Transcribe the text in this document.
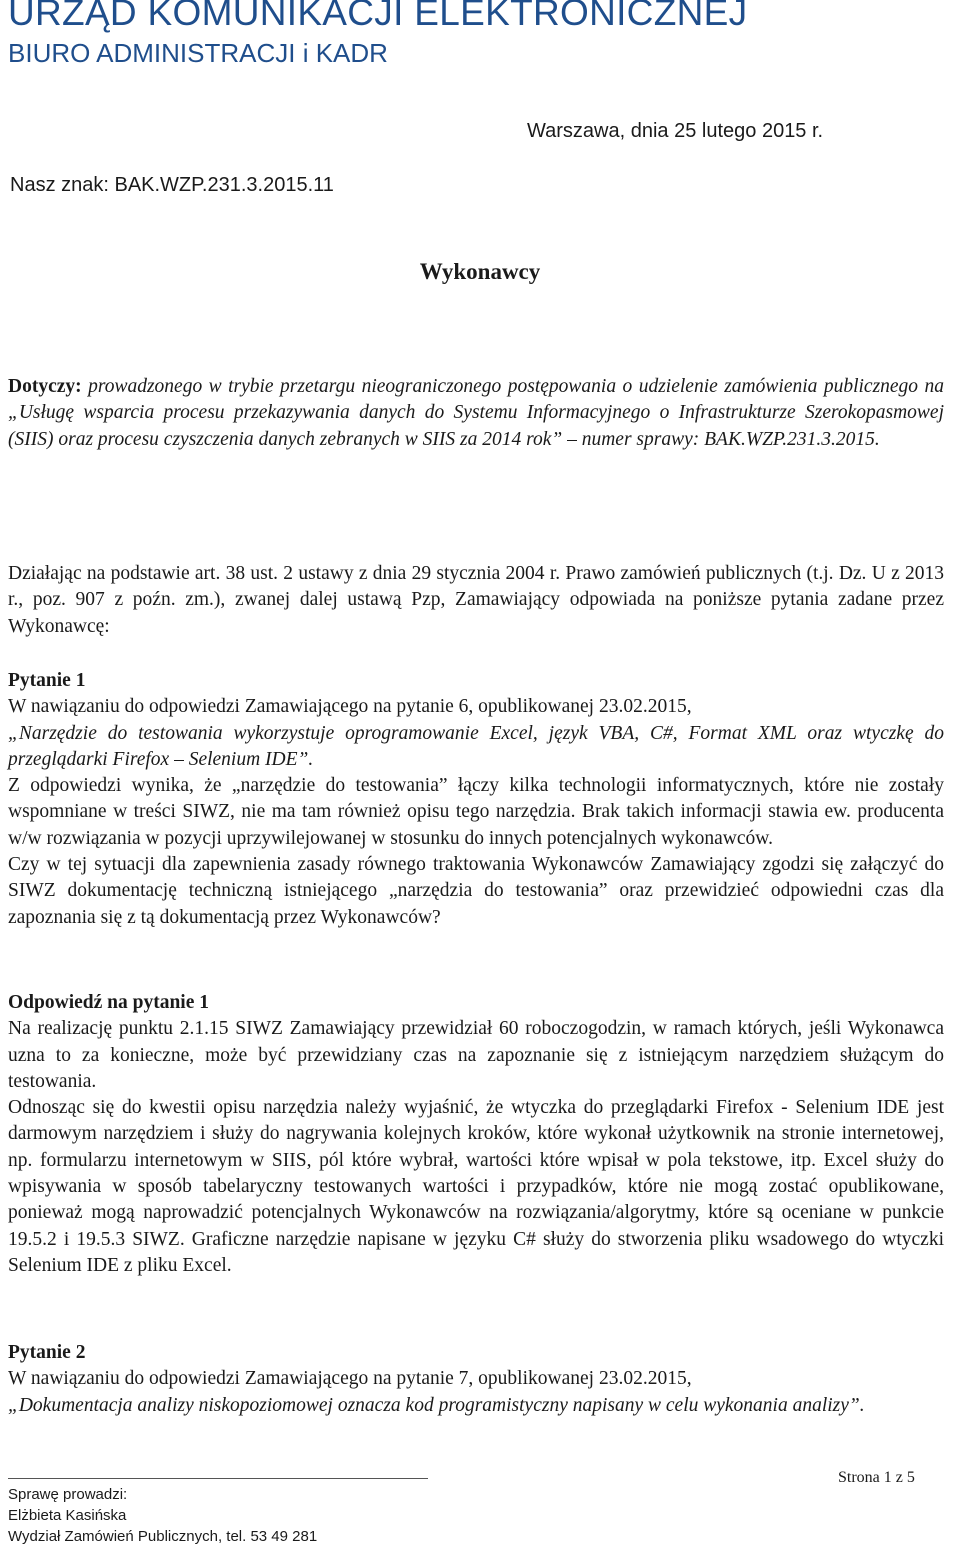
URZĄD KOMUNIKACJI ELEKTRONICZNEJ
BIURO ADMINISTRACJI i KADR
Warszawa, dnia 25 lutego 2015 r.
Nasz znak: BAK.WZP.231.3.2015.11
Wykonawcy
Dotyczy: prowadzonego w trybie przetargu nieograniczonego postępowania o udzielenie zamówienia publicznego na „Usługę wsparcia procesu przekazywania danych do Systemu Informacyjnego o Infrastrukturze Szerokopasmowej (SIIS) oraz procesu czyszczenia danych zebranych w SIIS za 2014 rok” – numer sprawy: BAK.WZP.231.3.2015.
Działając na podstawie art. 38 ust. 2 ustawy z dnia 29 stycznia 2004 r. Prawo zamówień publicznych (t.j. Dz. U z 2013 r., poz. 907 z poźn. zm.), zwanej dalej ustawą Pzp, Zamawiający odpowiada na poniższe pytania zadane przez Wykonawcę:
Pytanie 1
W nawiązaniu do odpowiedzi Zamawiającego na pytanie 6, opublikowanej 23.02.2015,
„Narzędzie do testowania wykorzystuje oprogramowanie Excel, język VBA, C#, Format XML oraz wtyczkę do przeglądarki Firefox – Selenium IDE”.
Z odpowiedzi wynika, że „narzędzie do testowania” łączy kilka technologii informatycznych, które nie zostały wspomniane w treści SIWZ, nie ma tam również opisu tego narzędzia. Brak takich informacji stawia ew. producenta w/w rozwiązania w pozycji uprzywilejowanej w stosunku do innych potencjalnych wykonawców.
Czy w tej sytuacji dla zapewnienia zasady równego traktowania Wykonawców Zamawiający zgodzi się załączyć do SIWZ dokumentację techniczną istniejącego „narzędzia do testowania” oraz przewidzieć odpowiedni czas dla zapoznania się z tą dokumentacją przez Wykonawców?
Odpowiedź na pytanie 1
Na realizację punktu 2.1.15 SIWZ Zamawiający przewidział 60 roboczogodzin, w ramach których, jeśli Wykonawca uzna to za konieczne, może być przewidziany czas na zapoznanie się z istniejącym narzędziem służącym do testowania.
Odnosząc się do kwestii opisu narzędzia należy wyjaśnić, że wtyczka do przeglądarki Firefox - Selenium IDE jest darmowym narzędziem i służy do nagrywania kolejnych kroków, które wykonał użytkownik na stronie internetowej, np. formularzu internetowym w SIIS, pól które wybrał, wartości które wpisał w pola tekstowe, itp. Excel służy do wpisywania w sposób tabelaryczny testowanych wartości i przypadków, które nie mogą zostać opublikowane, ponieważ mogą naprowadzić potencjalnych Wykonawców na rozwiązania/algorytmy, które są oceniane w punkcie 19.5.2 i 19.5.3 SIWZ. Graficzne narzędzie napisane w języku C# służy do stworzenia pliku wsadowego do wtyczki Selenium IDE z pliku Excel.
Pytanie 2
W nawiązaniu do odpowiedzi Zamawiającego na pytanie 7, opublikowanej 23.02.2015,
„Dokumentacja analizy niskopoziomowej oznacza kod programistyczny napisany w celu wykonania analizy”.
Strona 1 z 5
Sprawę prowadzi:
Elżbieta Kasińska
Wydział Zamówień Publicznych, tel. 53 49 281
